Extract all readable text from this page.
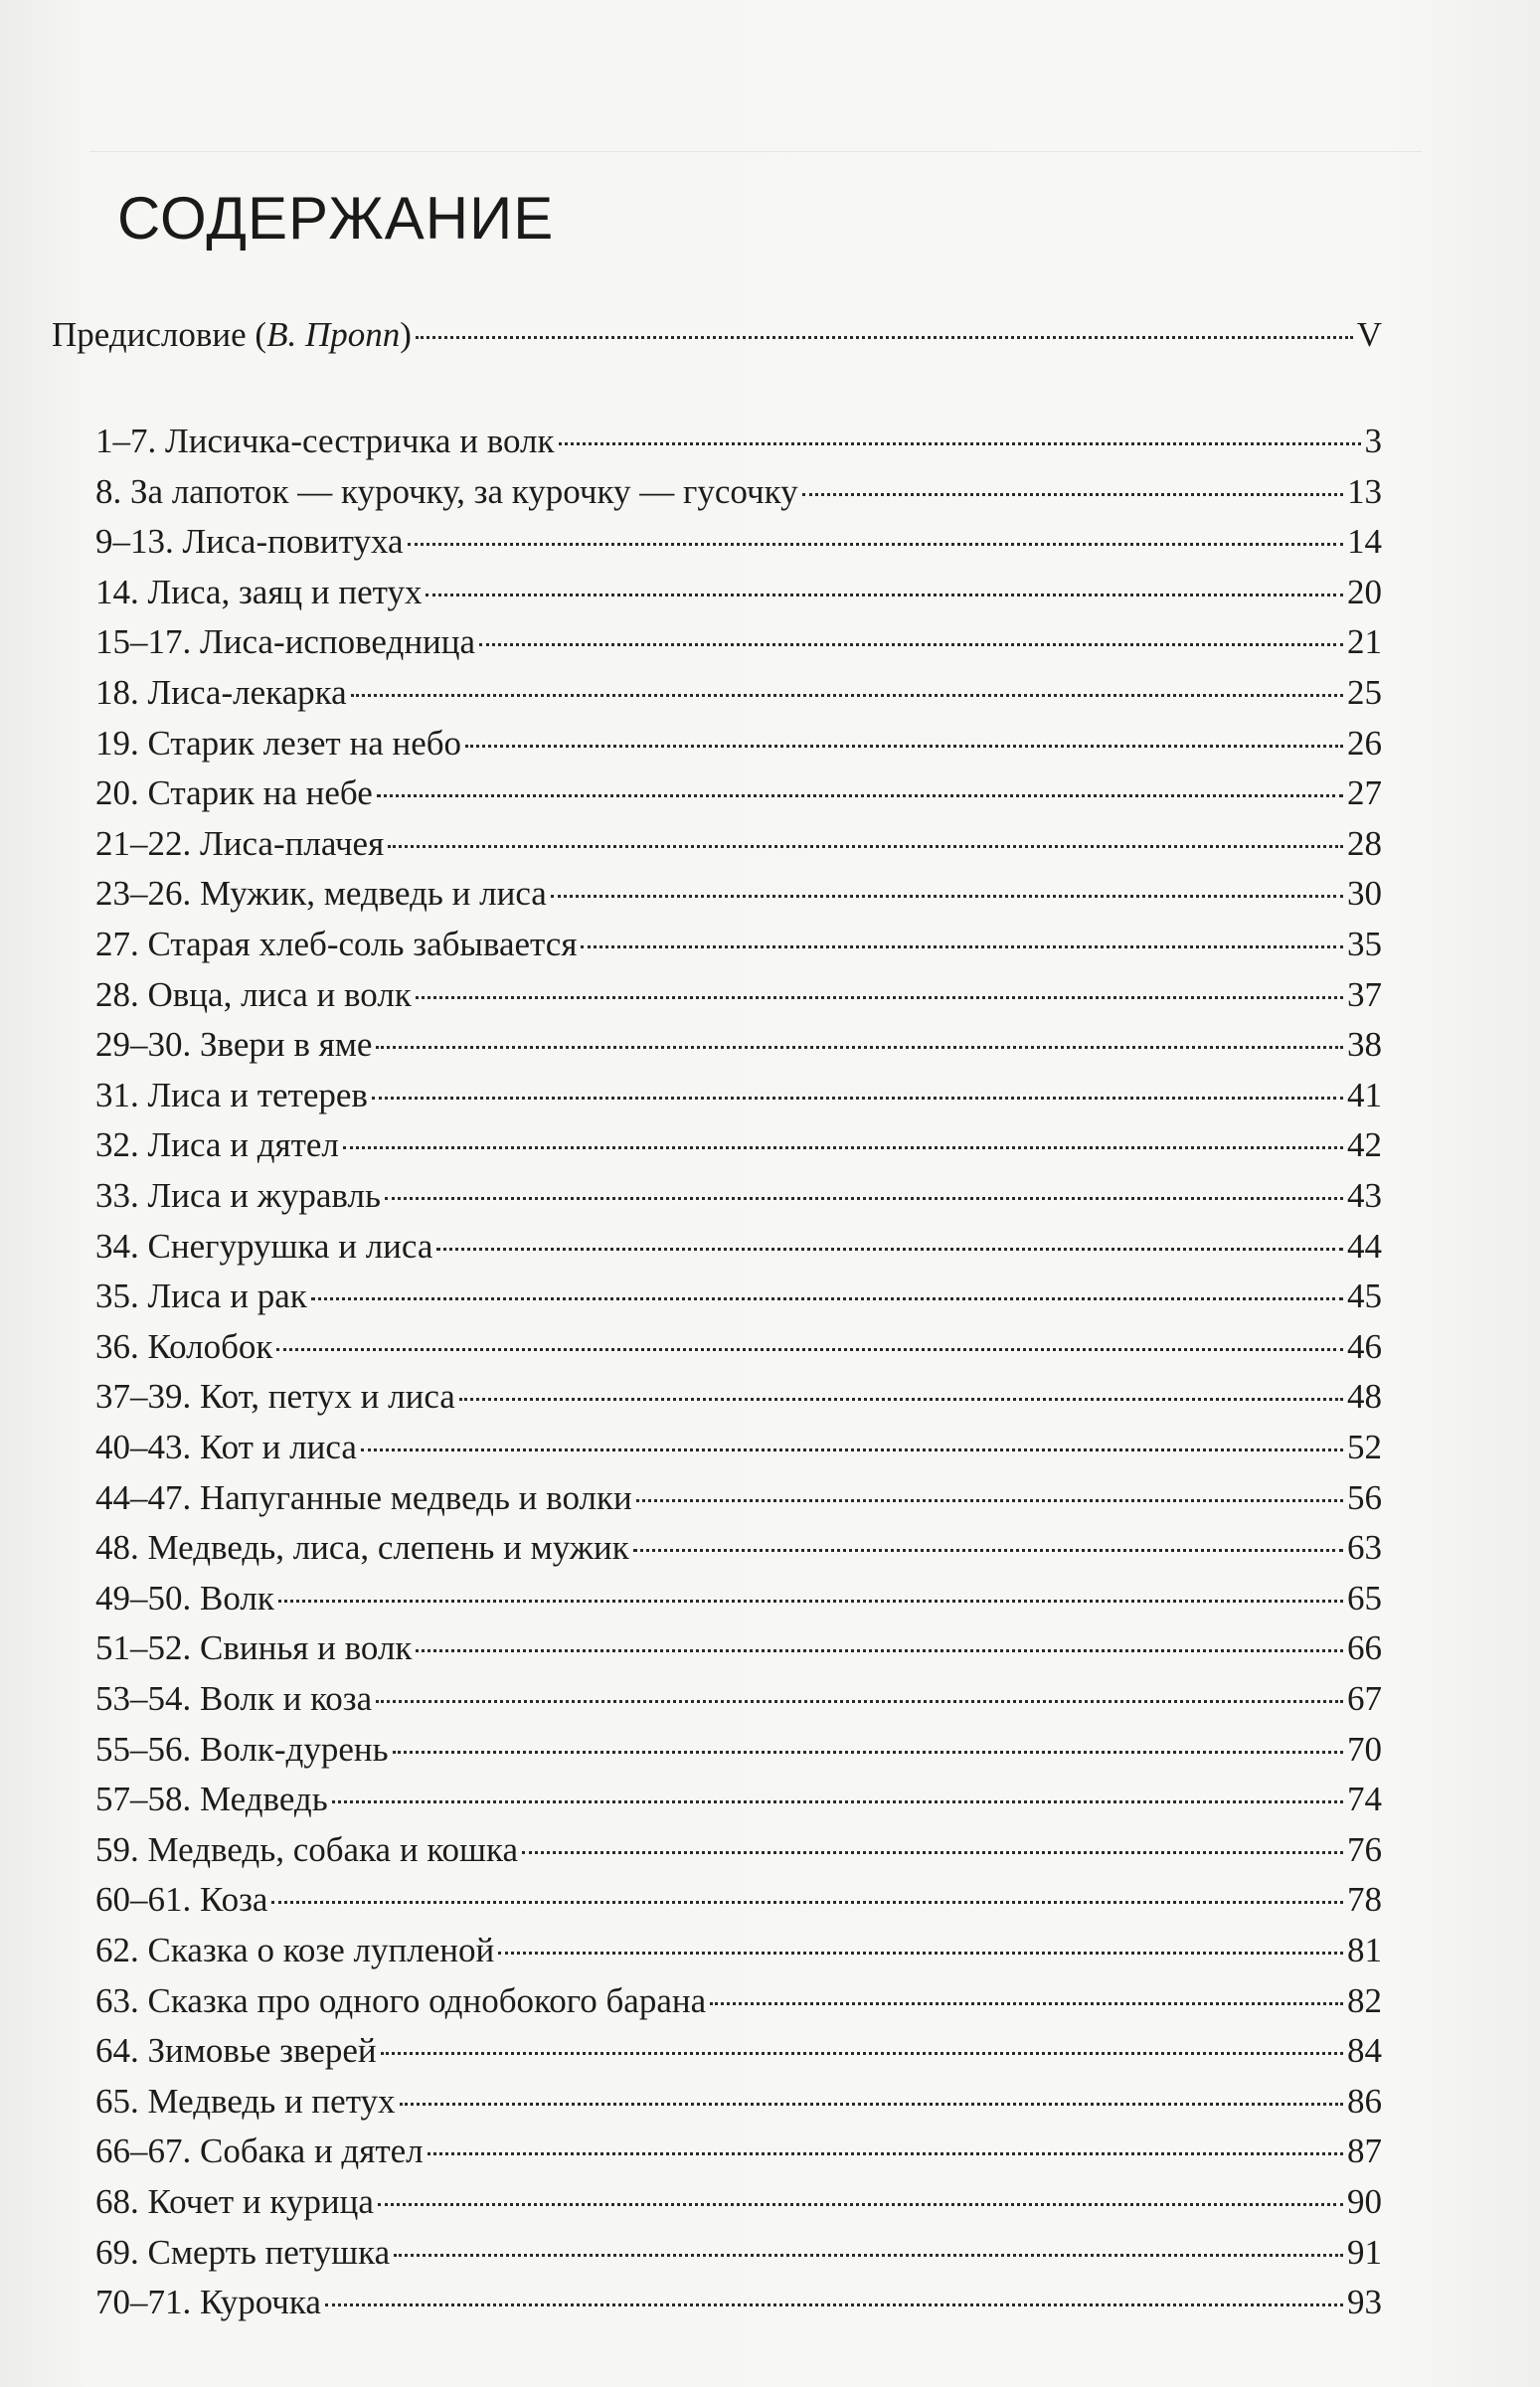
СОДЕРЖАНИЕ
Предисловие (В. Пропп)	V
1–7. Лисичка-сестричка и волк	3
8. За лапоток — курочку, за курочку — гусочку	13
9–13. Лиса-повитуха	14
14. Лиса, заяц и петух	20
15–17. Лиса-исповедница	21
18. Лиса-лекарка	25
19. Старик лезет на небо	26
20. Старик на небе	27
21–22. Лиса-плачея	28
23–26. Мужик, медведь и лиса	30
27. Старая хлеб-соль забывается	35
28. Овца, лиса и волк	37
29–30. Звери в яме	38
31. Лиса и тетерев	41
32. Лиса и дятел	42
33. Лиса и журавль	43
34. Снегурушка и лиса	44
35. Лиса и рак	45
36. Колобок	46
37–39. Кот, петух и лиса	48
40–43. Кот и лиса	52
44–47. Напуганные медведь и волки	56
48. Медведь, лиса, слепень и мужик	63
49–50. Волк	65
51–52. Свинья и волк	66
53–54. Волк и коза	67
55–56. Волк-дурень	70
57–58. Медведь	74
59. Медведь, собака и кошка	76
60–61. Коза	78
62. Сказка о козе лупленой	81
63. Сказка про одного однобокого барана	82
64. Зимовье зверей	84
65. Медведь и петух	86
66–67. Собака и дятел	87
68. Кочет и курица	90
69. Смерть петушка	91
70–71. Курочка	93
